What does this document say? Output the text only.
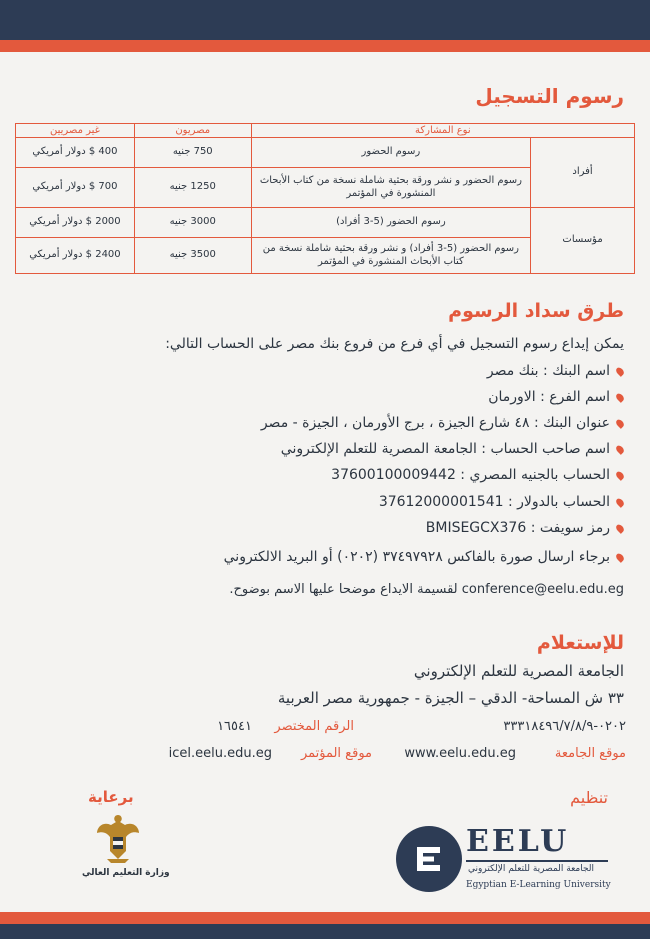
رسوم التسجيل
نوع المشاركة		مصريون	غير مصريين
أفراد	رسوم الحضور	750 جنيه	400 $ دولار أمريكي
	رسوم الحضور و نشر ورقة بحثية شاملة نسخة من كتاب الأبحاث المنشورة في المؤتمر	1250 جنيه	700 $ دولار أمريكي
مؤسسات	رسوم الحضور (5-3 أفراد)	3000 جنيه	2000 $ دولار أمريكي
	رسوم الحضور (5-3 أفراد) و نشر ورقة بحثية شاملة نسخة من كتاب الأبحاث المنشورة في المؤتمر	3500 جنيه	2400 $ دولار أمريكي
طرق سداد الرسوم

يمكن إيداع رسوم التسجيل في أي فرع من فروع بنك مصر على الحساب التالي:

اسم البنك : بنك مصر

اسم الفرع : الاورمان

عنوان البنك : ٤٨ شارع الجيزة ، برج الأورمان ، الجيزة - مصر

اسم صاحب الحساب : الجامعة المصرية للتعلم الإلكتروني

الحساب بالجنيه المصري : 37600100009442

الحساب بالدولار : 37612000001541

رمز سويفت : BMISEGCX376

برجاء ارسال صورة بالفاكس ٣٧٤٩٧٩٢٨ (٠٢٠٢) أو البريد الالكتروني

conference@eelu.edu.eg لقسيمة الايداع موضحا عليها الاسم بوضوح.

للإستعلام

الجامعة المصرية للتعلم الإلكتروني

٣٣ ش المساحة- الدقي – الجيزة - جمهورية مصر العربية

٠٢٠٢-٣٣٣١٨٤٩٦/٧/٨/٩

الرقم المختصر

١٦٥٤١

موقع الجامعة

www.eelu.edu.eg

موقع المؤتمر

icel.eelu.edu.eg

تنظيم

برعاية

وزارة التعليم العالي

EELU

الجامعة المصرية للتعلم الإلكتروني

Egyptian E-Learning University
